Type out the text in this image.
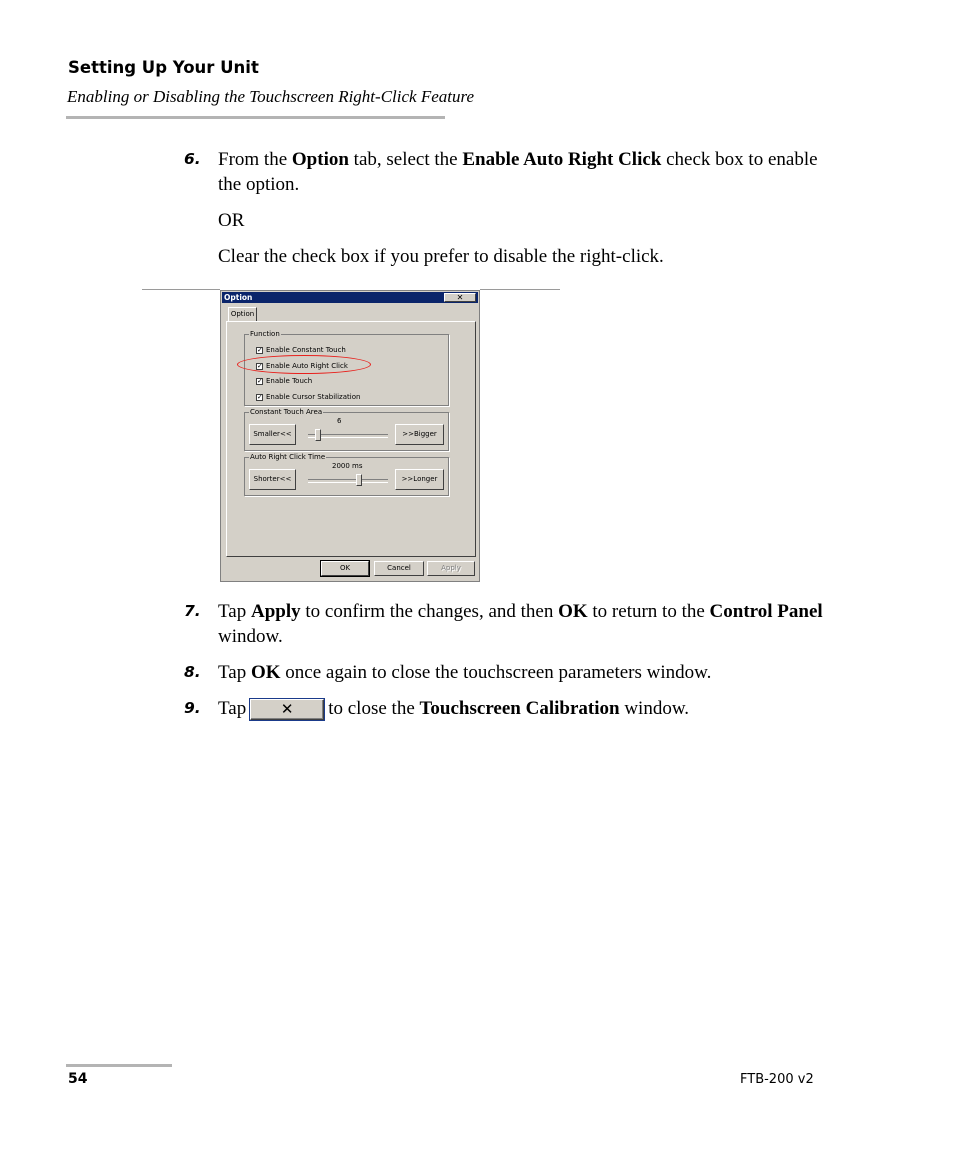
Setting Up Your Unit
Enabling or Disabling the Touchscreen Right-Click Feature
6. From the Option tab, select the Enable Auto Right Click check box to enable the option.
OR
Clear the check box if you prefer to disable the right-click.
Option	✕
Option
Function
✓ Enable Constant Touch
✓ Enable Auto Right Click
✓ Enable Touch
✓ Enable Cursor Stabilization
Constant Touch Area
6
Smaller<<	>>Bigger
Auto Right Click Time
2000 ms
Shorter<<	>>Longer
OK	Cancel	Apply
7. Tap Apply to confirm the changes, and then OK to return to the Control Panel window.
8. Tap OK once again to close the touchscreen parameters window.
9. Tap ✕ to close the Touchscreen Calibration window.
54	FTB-200 v2
